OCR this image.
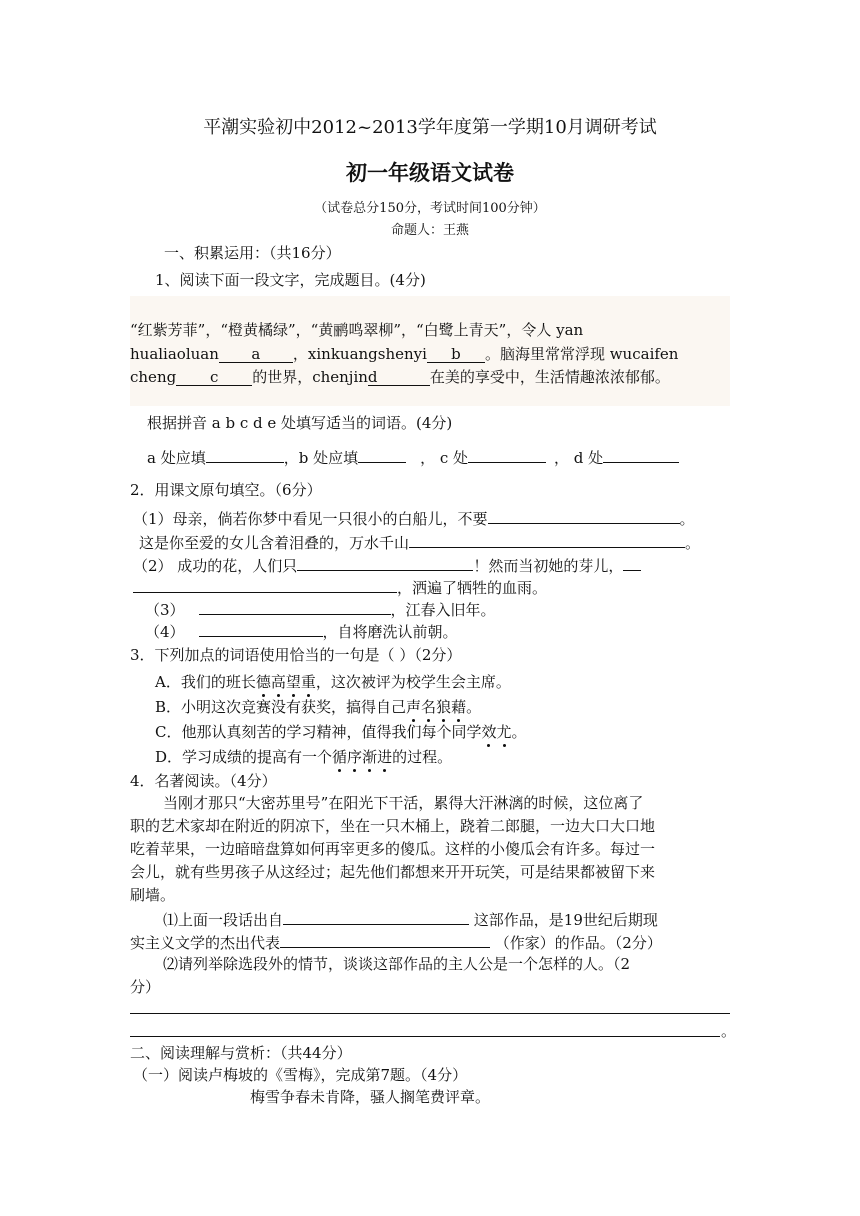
平潮实验初中2012~2013学年度第一学期10月调研考试
初一年级语文试卷
（试卷总分150分，考试时间100分钟）
命题人：王燕
一、积累运用：（共16分）
1、阅读下面一段文字，完成题目。(4分)
“红紫芳菲”，“橙黄橘绿”，“黄鹂鸣翠柳”，“白鹭上青天”，令人 yan
hualiaoluan a ，xinkuangshenyi b 。脑海里常常浮现 wucaifen
cheng c 的世界，chenjind	在美的享受中，生活情趣浓浓郁郁。
根据拼音 a b c d e 处填写适当的词语。(4分)
a 处应填	，b 处应填	， c 处	， d 处
2．用课文原句填空。（6分）
（1）母亲，倘若你梦中看见一只很小的白船儿，不要	。
这是你至爱的女儿含着泪叠的，万水千山	。
（2） 成功的花，人们只	！然而当初她的芽儿，
，洒遍了牺牲的血雨。
（3）	，江春入旧年。
（4）	，自将磨洗认前朝。
3．下列加点的词语使用恰当的一句是（ ）（2分）
A．我们的班长德高望重，这次被评为校学生会主席。
B．小明这次竞赛没有获奖，搞得自己声名狼藉。
C．他那认真刻苦的学习精神，值得我们每个同学效尤。
D．学习成绩的提高有一个循序渐进的过程。
4．名著阅读。（4分）
当刚才那只“大密苏里号”在阳光下干活，累得大汗淋漓的时候，这位离了
职的艺术家却在附近的阴凉下，坐在一只木桶上，跷着二郎腿，一边大口大口地
吃着苹果，一边暗暗盘算如何再宰更多的傻瓜。这样的小傻瓜会有许多。每过一
会儿，就有些男孩子从这经过；起先他们都想来开开玩笑，可是结果都被留下来
刷墙。
⑴上面一段话出自	这部作品，是19世纪后期现
实主义文学的杰出代表	（作家）的作品。（2分）
⑵请列举除选段外的情节，谈谈这部作品的主人公是一个怎样的人。（2
分）
。
二、阅读理解与赏析：（共44分）
（一）阅读卢梅坡的《雪梅》，完成第7题。（4分）
梅雪争春未肯降，骚人搁笔费评章。
